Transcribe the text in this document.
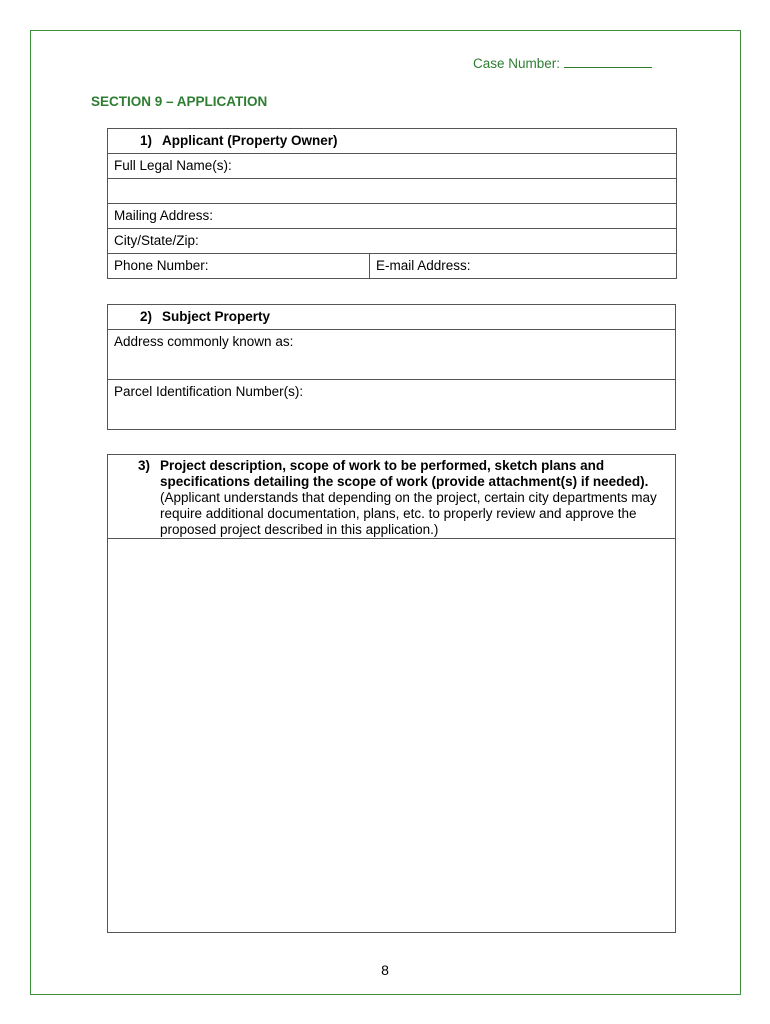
Case Number:
SECTION 9 – APPLICATION
1) Applicant (Property Owner)
Full Legal Name(s):

Mailing Address:
City/State/Zip:
Phone Number:	E-mail Address:
2) Subject Property
Address commonly known as:
Parcel Identification Number(s):
3) Project description, scope of work to be performed, sketch plans and specifications detailing the scope of work (provide attachment(s) if needed). (Applicant understands that depending on the project, certain city departments may require additional documentation, plans, etc. to properly review and approve the proposed project described in this application.)

8
